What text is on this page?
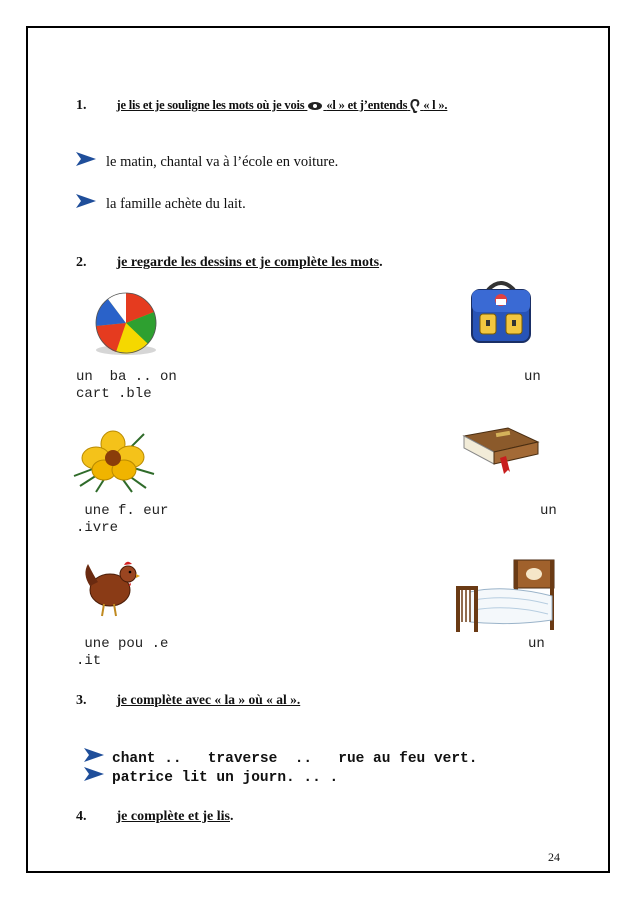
1. je lis et je souligne les mots où je vois «l » et j’entends « l ».
le matin, chantal va à l’école en voiture.
la famille achète du lait.
2. je regarde les dessins et je complète les mots.
un  ba .. on	un
cart .ble
une f. eur	un
.ivre
une pou .e	un
.it
3. je complète avec « la » où « al ».

chant ..   traverse  ..   rue au feu vert.

patrice lit un journ. .. .

4. je complète et je lis.
24
